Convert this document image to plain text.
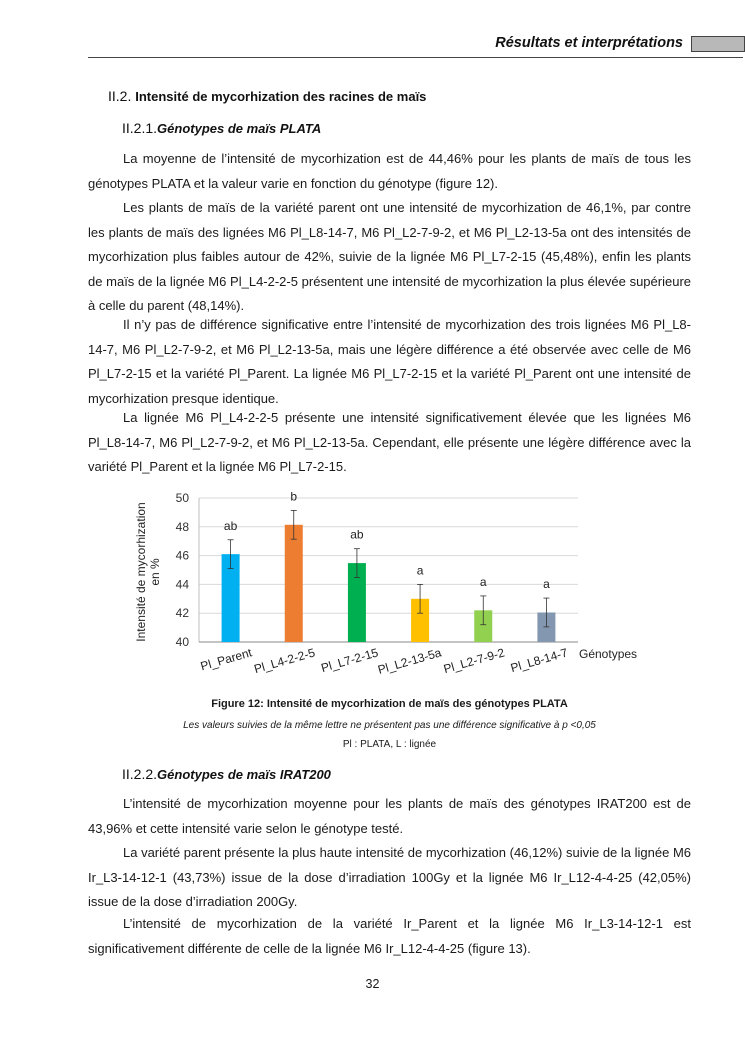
Résultats et interprétations
II.2. Intensité de mycorhization des racines de maïs
II.2.1.Génotypes de maïs PLATA

La moyenne de l’intensité de mycorhization est de 44,46% pour les plants de maïs de tous les génotypes PLATA et la valeur varie en fonction du génotype (figure 12).

Les plants de maïs de la variété parent ont une intensité de mycorhization de 46,1%, par contre les plants de maïs des lignées M6 Pl_L8-14-7, M6 Pl_L2-7-9-2, et M6 Pl_L2-13-5a ont des intensités de mycorhization plus faibles autour de 42%, suivie de la lignée M6 Pl_L7-2-15 (45,48%), enfin les plants de maïs de la lignée M6 Pl_L4-2-2-5 présentent une intensité de mycorhization la plus élevée supérieure à celle du parent (48,14%).

Il n’y pas de différence significative entre l’intensité de mycorhization des trois lignées M6 Pl_L8-14-7, M6 Pl_L2-7-9-2, et M6 Pl_L2-13-5a, mais une légère différence a été observée avec celle de M6 Pl_L7-2-15 et la variété Pl_Parent. La lignée M6 Pl_L7-2-15 et la variété Pl_Parent ont une intensité de mycorhization presque identique.

La lignée M6 Pl_L4-2-2-5 présente une intensité significativement élevée que les lignées M6 Pl_L8-14-7, M6 Pl_L2-7-9-2, et M6 Pl_L2-13-5a. Cependant, elle présente une légère différence avec la variété Pl_Parent et la lignée M6 Pl_L7-2-15.

Intensité de mycorhization en %
Génotypes
40
42
44
46
48
50
ab
Pl_Parent
b
Pl_L4-2-2-5
ab
Pl_L7-2-15
a
Pl_L2-13-5a
a
Pl_L2-7-9-2
a
Pl_L8-14-7

Figure 12: Intensité de mycorhization de maïs des génotypes PLATA

Les valeurs suivies de la même lettre ne présentent pas une différence significative à p <0,05

Pl : PLATA, L : lignée

II.2.2.Génotypes de maïs IRAT200

L’intensité de mycorhization moyenne pour les plants de maïs des génotypes IRAT200 est de 43,96% et cette intensité varie selon le génotype testé.

La variété parent présente la plus haute intensité de mycorhization (46,12%) suivie de la lignée M6 Ir_L3-14-12-1 (43,73%) issue de la dose d’irradiation 100Gy et la lignée M6 Ir_L12-4-4-25 (42,05%) issue de la dose d’irradiation 200Gy.

L’intensité de mycorhization de la variété Ir_Parent et la lignée M6 Ir_L3-14-12-1 est significativement différente de celle de la lignée M6 Ir_L12-4-4-25 (figure 13).

32
